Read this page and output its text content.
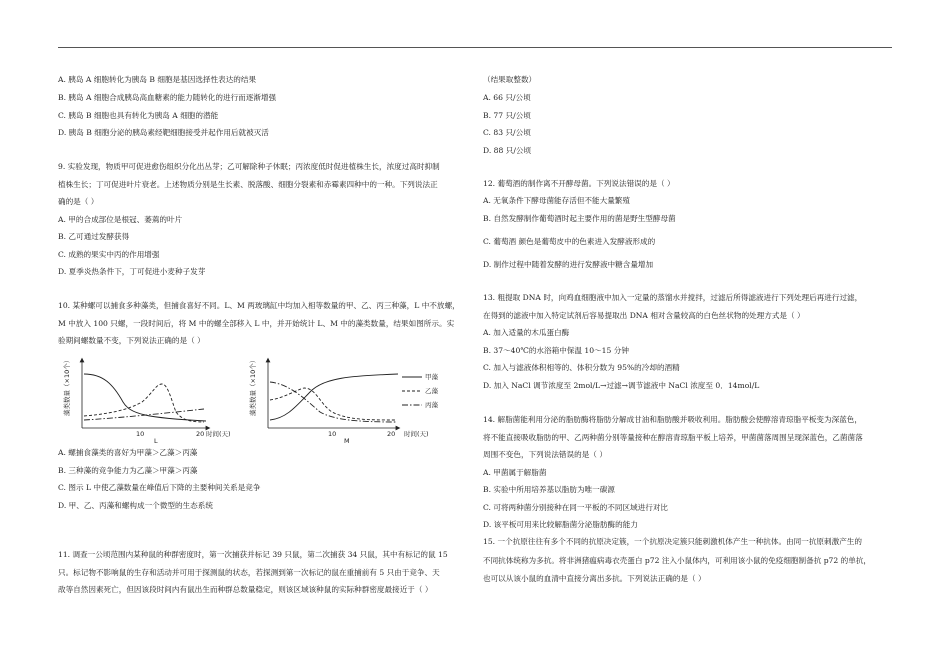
A. 胰岛 A 细胞转化为胰岛 B 细胞是基因选择性表达的结果
B. 胰岛 A 细胞合成胰岛高血糖素的能力随转化的进行而逐渐增强
C. 胰岛 B 细胞也具有转化为胰岛 A 细胞的潜能
D. 胰岛 B 细胞分泌的胰岛素经靶细胞接受并起作用后就被灭活
9. 实验发现，物质甲可促进愈伤组织分化出丛芽；乙可解除种子休眠；丙浓度低时促进植株生长，浓度过高时抑制
植株生长；丁可促进叶片衰老。上述物质分别是生长素、脱落酸、细胞分裂素和赤霉素四种中的一种。下列说法正
确的是（ ）
A. 甲的合成部位是根冠、萎蔫的叶片
B. 乙可通过发酵获得
C. 成熟的果实中丙的作用增强
D. 夏季炎热条件下，丁可促进小麦种子发芽
10. 某种螺可以捕食多种藻类，但捕食喜好不同。L、M 两玻璃缸中均加入相等数量的甲、乙、丙三种藻，L 中不放螺，
M 中放入 100 只螺，一段时间后，将 M 中的螺全部移入 L 中，并开始统计 L、M 中的藻类数量，结果如图所示。实
验期间螺数量不变，下列说法正确的是（ ）
藻类数量（×10个）
10	20 时间(天)
L
藻类数量（×10个）
10	20 时间(天)
M
甲藻
乙藻
丙藻
A. 螺捕食藻类的喜好为甲藻＞乙藻＞丙藻
B. 三种藻的竞争能力为乙藻＞甲藻＞丙藻
C. 图示 L 中使乙藻数量在峰值后下降的主要种间关系是竞争
D. 甲、乙、丙藻和螺构成一个微型的生态系统
11. 调查一公顷范围内某种鼠的种群密度时，第一次捕获并标记 39 只鼠，第二次捕获 34 只鼠，其中有标记的鼠 15
只。标记物不影响鼠的生存和活动并可用于探测鼠的状态，若探测到第一次标记的鼠在重捕前有 5 只由于竞争、天
敌等自然因素死亡，但因该段时间内有鼠出生而种群总数量稳定，则该区域该种鼠的实际种群密度最接近于（ ）
（结果取整数）
A. 66 只/公顷
B. 77 只/公顷
C. 83 只/公顷
D. 88 只/公顷
12. 葡萄酒的制作离不开酵母菌。下列说法错误的是（ ）
A. 无氧条件下酵母菌能存活但不能大量繁殖
B. 自然发酵制作葡萄酒时起主要作用的菌是野生型酵母菌
C. 葡萄酒 颜色是葡萄皮中的色素进入发酵液形成的
D. 制作过程中随着发酵的进行发酵液中糖含量增加
13. 粗提取 DNA 时，向鸡血细胞液中加入一定量的蒸馏水并搅拌，过滤后所得滤液进行下列处理后再进行过滤，
在得到的滤液中加入特定试剂后容易提取出 DNA 相对含量较高的白色丝状物的处理方式是（ ）
A. 加入适量的木瓜蛋白酶
B. 37～40℃的水浴箱中保温 10～15 分钟
C. 加入与滤液体积相等的、体积分数为 95%的冷却的酒精
D. 加入 NaCl 调节浓度至 2mol/L→过滤→调节滤液中 NaCl 浓度至 0．14mol/L
14. 解脂菌能利用分泌的脂肪酶将脂肪分解成甘油和脂肪酸并吸收利用。脂肪酸会使醇溶青琼脂平板变为深蓝色，
将不能直接吸收脂肪的甲、乙两种菌分别等量接种在醇溶青琼脂平板上培养，甲菌菌落周围呈现深蓝色，乙菌菌落
周围不变色，下列说法错误的是（ ）
A. 甲菌属于解脂菌
B. 实验中所用培养基以脂肪为唯一碳源
C. 可将两种菌分别接种在同一平板的不同区域进行对比
D. 该平板可用来比较解脂菌分泌脂肪酶的能力
15. 一个抗原往往有多个不同的抗原决定簇，一个抗原决定簇只能刺激机体产生一种抗体。由同一抗原刺激产生的
不同抗体统称为多抗。将非洲猪瘟病毒衣壳蛋白 p72 注入小鼠体内，可利用该小鼠的免疫细胞制备抗 p72 的单抗，
也可以从该小鼠的血清中直接分离出多抗。下列说法正确的是（ ）
